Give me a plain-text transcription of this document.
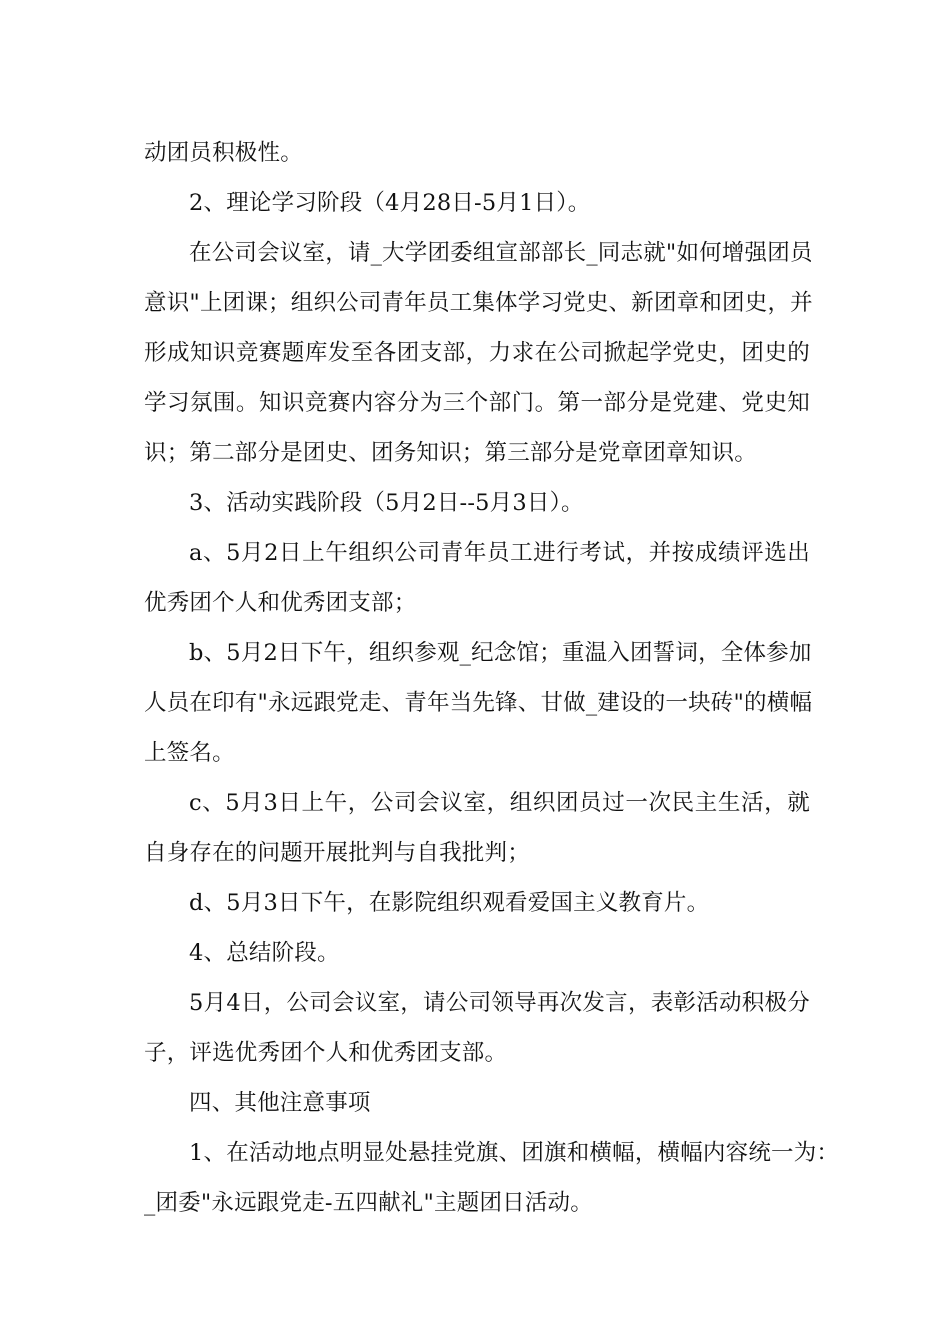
动团员积极性。
2、理论学习阶段（4月28日-5月1日）。
在公司会议室，请_大学团委组宣部部长_同志就"如何增强团员
意识"上团课；组织公司青年员工集体学习党史、新团章和团史，并
形成知识竞赛题库发至各团支部，力求在公司掀起学党史，团史的
学习氛围。知识竞赛内容分为三个部门。第一部分是党建、党史知
识；第二部分是团史、团务知识；第三部分是党章团章知识。
3、活动实践阶段（5月2日--5月3日）。
a、5月2日上午组织公司青年员工进行考试，并按成绩评选出
优秀团个人和优秀团支部；
b、5月2日下午，组织参观_纪念馆；重温入团誓词，全体参加
人员在印有"永远跟党走、青年当先锋、甘做_建设的一块砖"的横幅
上签名。
c、5月3日上午，公司会议室，组织团员过一次民主生活，就
自身存在的问题开展批判与自我批判；
d、5月3日下午，在影院组织观看爱国主义教育片。
4、总结阶段。
5月4日，公司会议室，请公司领导再次发言，表彰活动积极分
子，评选优秀团个人和优秀团支部。
四、其他注意事项
1、在活动地点明显处悬挂党旗、团旗和横幅，横幅内容统一为：
_团委"永远跟党走-五四献礼"主题团日活动。
